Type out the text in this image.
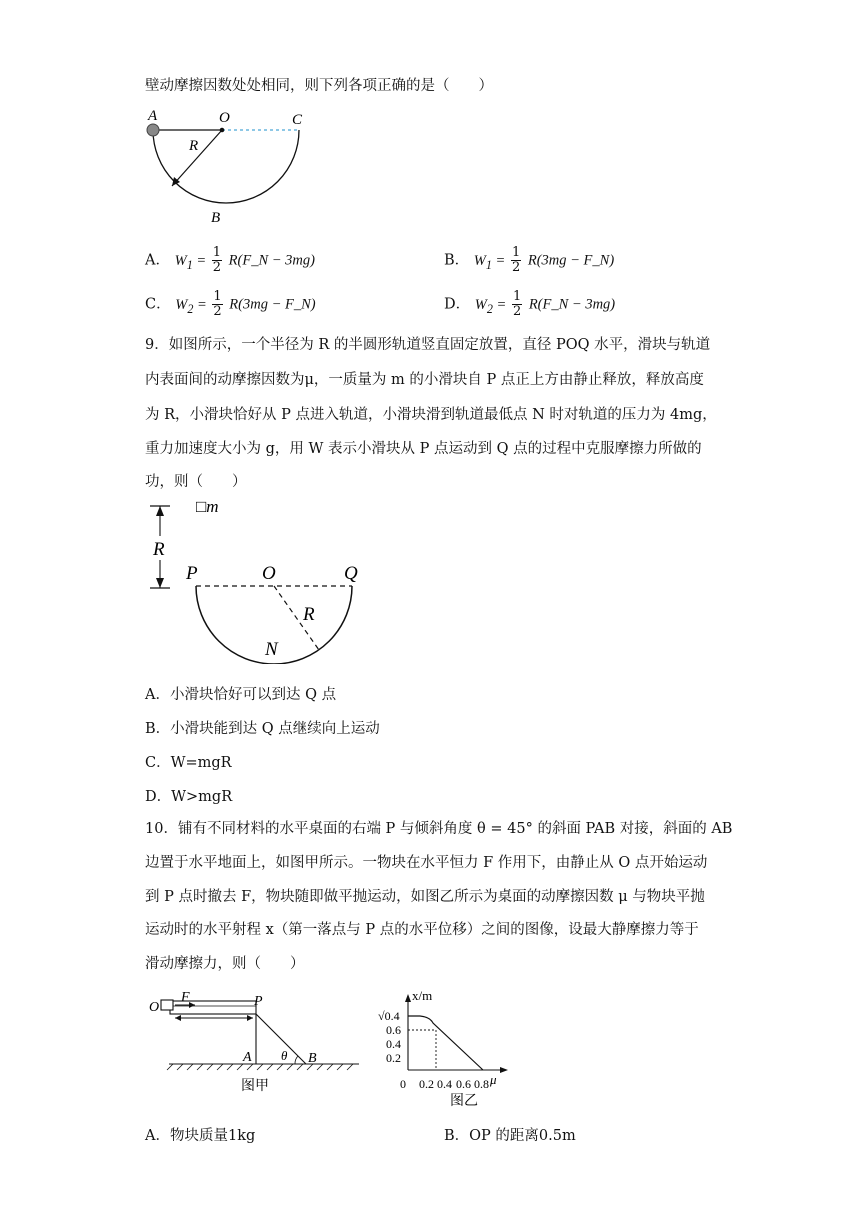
壁动摩擦因数处处相同，则下列各项正确的是（　　）
A	O	C
R
B
A． $W_1 = \frac{1}{2}$ R(F_N − 3mg)	B． $W_1 = \frac{1}{2} R(3mg$ − F_N)
C． $W_2 = \frac{1}{2} R(3mg$ − F_N)	D． $W_2 = \frac{1}{2}$ R(F_N − 3mg)
9．如图所示，一个半径为 R 的半圆形轨道竖直固定放置，直径 POQ 水平，滑块与轨道
内表面间的动摩擦因数为μ，一质量为 m 的小滑块自 P 点正上方由静止释放，释放高度
为 R，小滑块恰好从 P 点进入轨道，小滑块滑到轨道最低点 N 时对轨道的压力为 4mg，
重力加速度大小为 g，用 W 表示小滑块从 P 点运动到 Q 点的过程中克服摩擦力所做的
功，则（　　）
□m
R
P	O	Q
R
N
A．小滑块恰好可以到达 Q 点
B．小滑块能到达 Q 点继续向上运动
C．W=mgR
D．W>mgR
10．铺有不同材料的水平桌面的右端 P 与倾斜角度 θ = 45° 的斜面 PAB 对接，斜面的 AB
边置于水平地面上，如图甲所示。一物块在水平恒力 F 作用下，由静止从 O 点开始运动
到 P 点时撤去 F，物块随即做平抛运动，如图乙所示为桌面的动摩擦因数 μ 与物块平抛
运动时的水平射程 x（第一落点与 P 点的水平位移）之间的图像，设最大静摩擦力等于
滑动摩擦力，则（　　）
O
F	P
A θ B
图甲
x/m
μ
√0.4
0.6
0.4
0.2
0 0.2 0.4 0.6 0.8
图乙
A．物块质量1kg	B．OP 的距离0.5m
